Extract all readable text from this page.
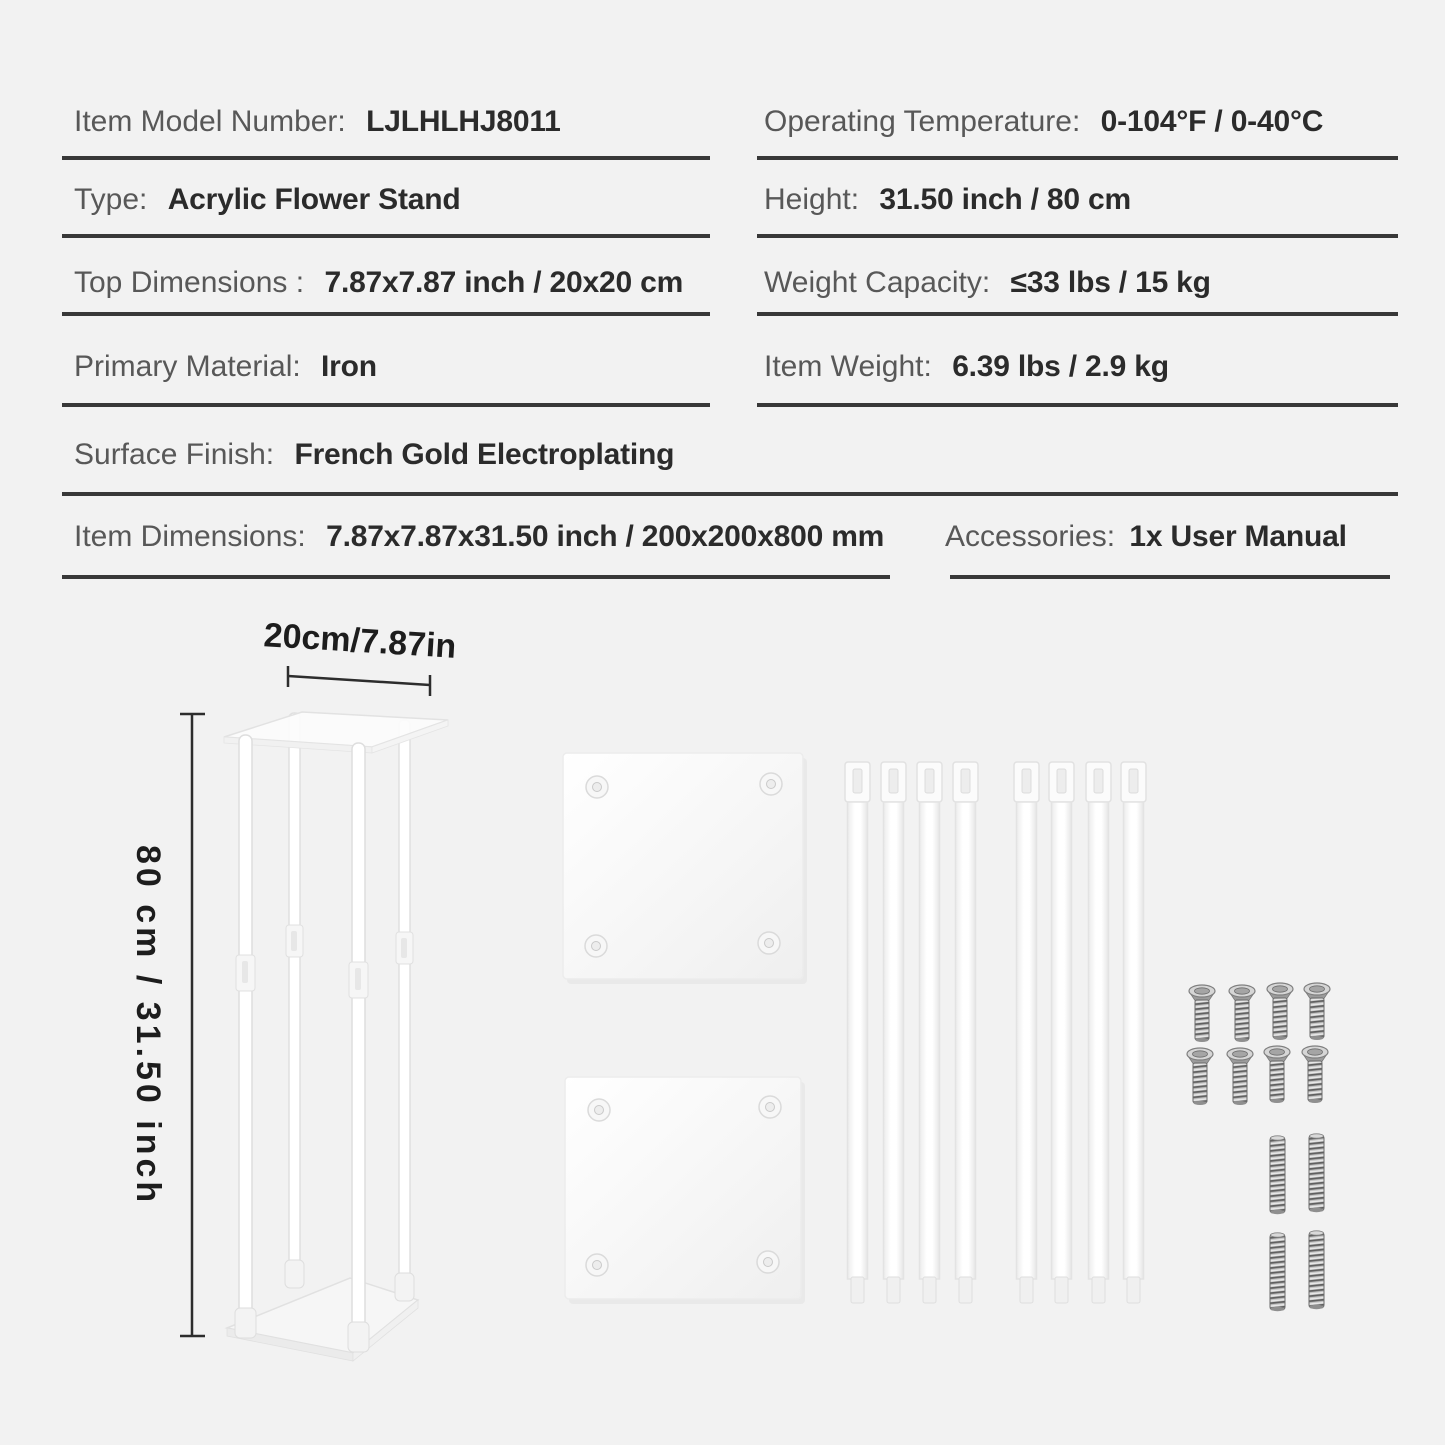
Item Model Number: LJLHLHJ8011	Operating Temperature: 0-104°F / 0-40°C
Type: Acrylic Flower Stand	Height: 31.50 inch / 80 cm
Top Dimensions : 7.87x7.87 inch / 20x20 cm	Weight Capacity: ≤33 lbs / 15 kg
Primary Material: Iron	Item Weight: 6.39 lbs / 2.9 kg
Surface Finish: French Gold Electroplating
Item Dimensions: 7.87x7.87x31.50 inch / 200x200x800 mm Accessories: 1x User Manual
20cm/7.87in
80 cm / 31.50 inch
